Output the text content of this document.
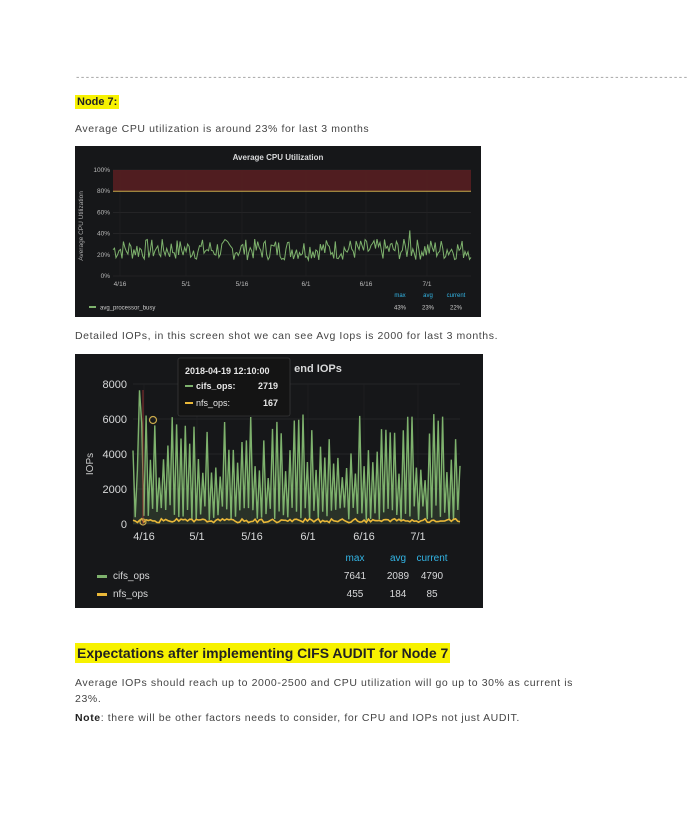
-----------------------------------------------------------------------------------------------------------------------------
Node 7:
Average CPU utilization is around 23% for last 3 months
Average CPU Utilization
Average CPU Utilization
100%
80%
60%
40%
20%
0%
4/16	5/1	5/16	6/1	6/16	7/1
max	avg current
avg_processor_busy	43%	23%	22%
Detailed IOPs, in this screen shot we can see Avg Iops is 2000 for last 3 months.
end IOPs
IOPs
8000
6000
4000
2000
0
4/16	5/1	5/16	6/1	6/16	7/1
2018-04-19 12:10:00
cifs_ops: 2719
nfs_ops:	167
max	avg current
cifs_ops	7641 2089 4790
nfs_ops	455	184 85
Expectations after implementing CIFS AUDIT for Node 7
Average IOPs should reach up to 2000-2500 and CPU utilization will go up to 30% as current is 23%.
Note: there will be other factors needs to consider, for CPU and IOPs not just AUDIT.
